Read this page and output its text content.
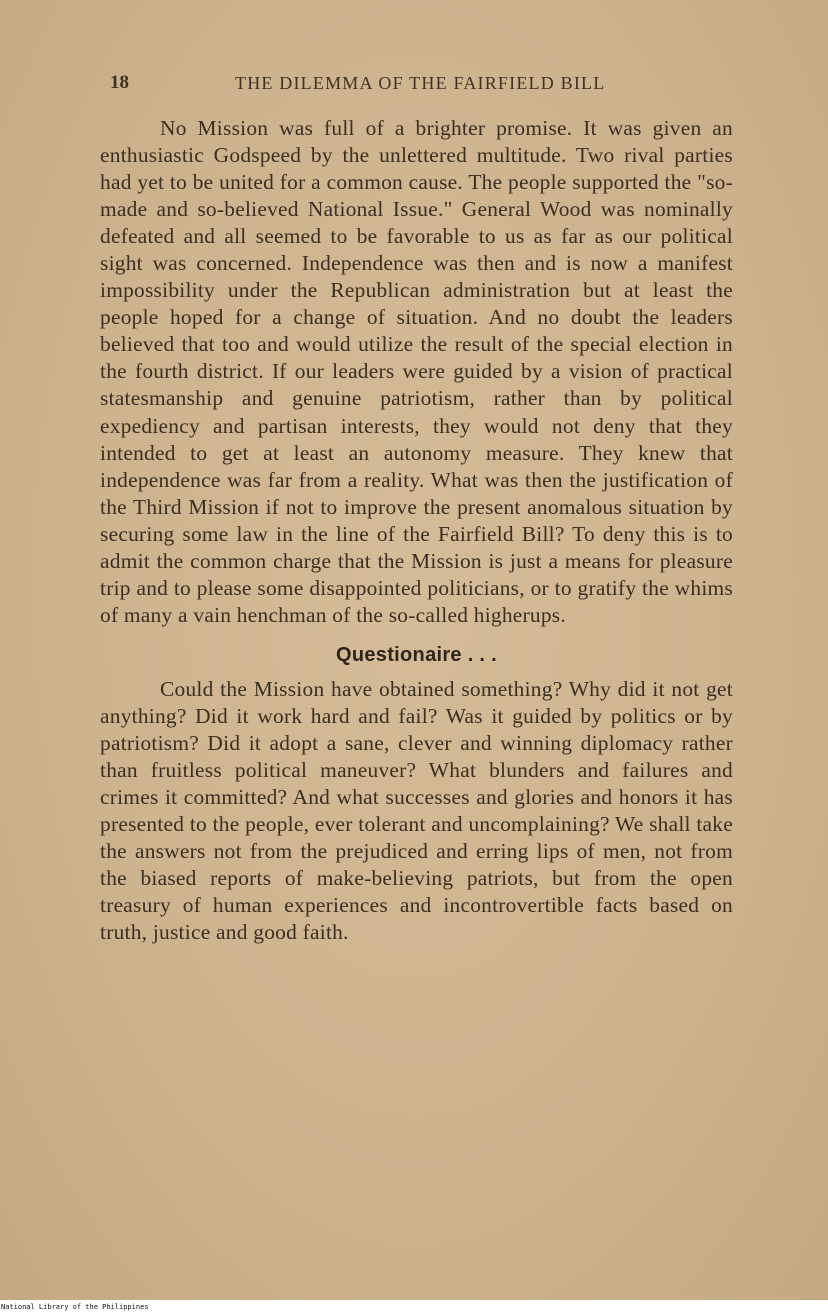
18	THE DILEMMA OF THE FAIRFIELD BILL

No Mission was full of a brighter promise. It was given an enthusiastic Godspeed by the unlettered multitude. Two rival parties had yet to be united for a common cause. The people supported the "so-made and so-believed National Issue." General Wood was nominally defeated and all seemed to be favorable to us as far as our political sight was concerned. Independence was then and is now a manifest impossibility under the Republican administration but at least the people hoped for a change of situation. And no doubt the leaders believed that too and would utilize the result of the special election in the fourth district. If our leaders were guided by a vision of practical statesmanship and genuine patriotism, rather than by political expediency and partisan interests, they would not deny that they intended to get at least an autonomy measure. They knew that independence was far from a reality. What was then the justification of the Third Mission if not to improve the present anomalous situation by securing some law in the line of the Fairfield Bill? To deny this is to admit the common charge that the Mission is just a means for pleasure trip and to please some disappointed politicians, or to gratify the whims of many a vain henchman of the so-called higherups.

Questionaire . . .

Could the Mission have obtained something? Why did it not get anything? Did it work hard and fail? Was it guided by politics or by patriotism? Did it adopt a sane, clever and winning diplomacy rather than fruitless political maneuver? What blunders and failures and crimes it committed? And what successes and glories and honors it has presented to the people, ever tolerant and uncomplaining? We shall take the answers not from the prejudiced and erring lips of men, not from the biased reports of make-believing patriots, but from the open treasury of human experiences and incontrovertible facts based on truth, justice and good faith.

National Library of the Philippines
